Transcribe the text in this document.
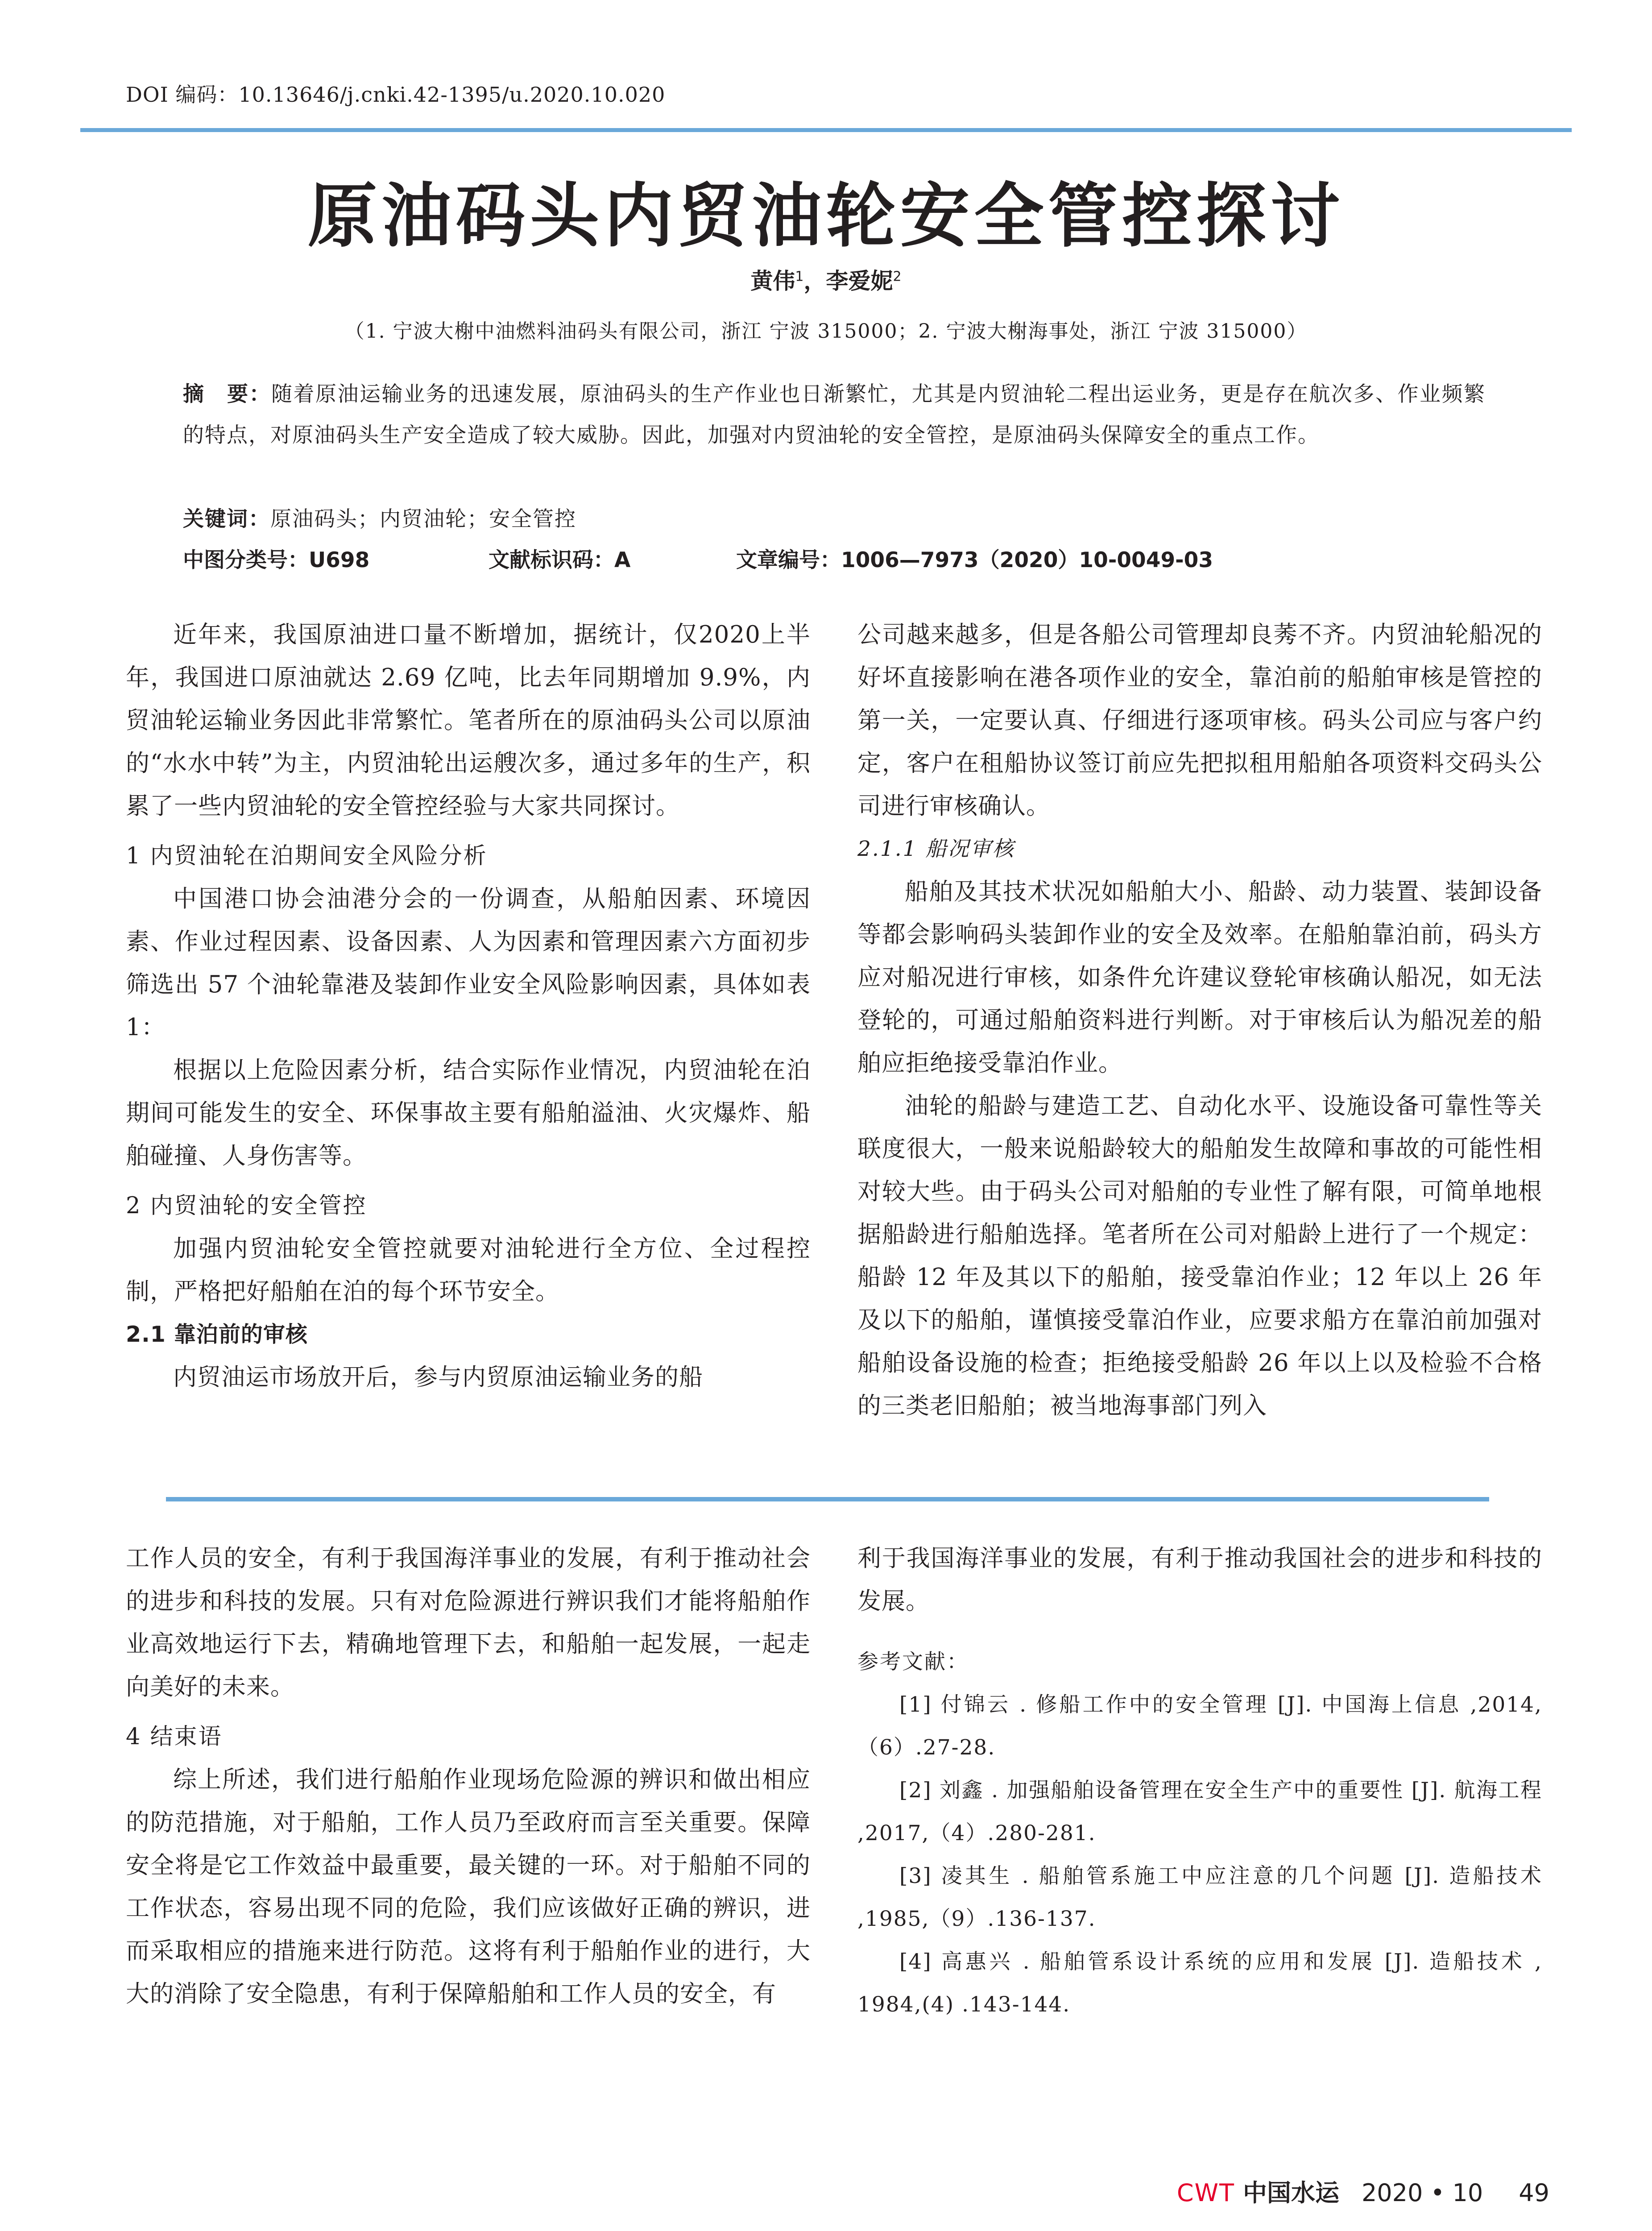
DOI 编码：10.13646/j.cnki.42-1395/u.2020.10.020
原油码头内贸油轮安全管控探讨
黄伟$^1$，李爱妮$^2$
（1. 宁波大榭中油燃料油码头有限公司，浙江 宁波 315000；2. 宁波大榭海事处，浙江 宁波 315000）
摘　要：随着原油运输业务的迅速发展，原油码头的生产作业也日渐繁忙，尤其是内贸油轮二程出运业务，更是存在航次多、作业频繁的特点，对原油码头生产安全造成了较大威胁。因此，加强对内贸油轮的安全管控，是原油码头保障安全的重点工作。
关键词：原油码头；内贸油轮；安全管控
中图分类号：U698	文献标识码：A	文章编号：1006—7973（2020）10-0049-03

近年来，我国原油进口量不断增加，据统计，仅2020上半年，我国进口原油就达 2.69 亿吨，比去年同期增加 9.9%，内贸油轮运输业务因此非常繁忙。笔者所在的原油码头公司以原油的“水水中转”为主，内贸油轮出运艘次多，通过多年的生产，积累了一些内贸油轮的安全管控经验与大家共同探讨。

1 内贸油轮在泊期间安全风险分析

中国港口协会油港分会的一份调查，从船舶因素、环境因素、作业过程因素、设备因素、人为因素和管理因素六方面初步筛选出 57 个油轮靠港及装卸作业安全风险影响因素，具体如表 1：

根据以上危险因素分析，结合实际作业情况，内贸油轮在泊期间可能发生的安全、环保事故主要有船舶溢油、火灾爆炸、船舶碰撞、人身伤害等。

2 内贸油轮的安全管控

加强内贸油轮安全管控就要对油轮进行全方位、全过程控制，严格把好船舶在泊的每个环节安全。

2.1 靠泊前的审核

内贸油运市场放开后，参与内贸原油运输业务的船

公司越来越多，但是各船公司管理却良莠不齐。内贸油轮船况的好坏直接影响在港各项作业的安全，靠泊前的船舶审核是管控的第一关，一定要认真、仔细进行逐项审核。码头公司应与客户约定，客户在租船协议签订前应先把拟租用船舶各项资料交码头公司进行审核确认。

2.1.1 船况审核

船舶及其技术状况如船舶大小、船龄、动力装置、装卸设备等都会影响码头装卸作业的安全及效率。在船舶靠泊前，码头方应对船况进行审核，如条件允许建议登轮审核确认船况，如无法登轮的，可通过船舶资料进行判断。对于审核后认为船况差的船舶应拒绝接受靠泊作业。

油轮的船龄与建造工艺、自动化水平、设施设备可靠性等关联度很大，一般来说船龄较大的船舶发生故障和事故的可能性相对较大些。由于码头公司对船舶的专业性了解有限，可简单地根据船龄进行船舶选择。笔者所在公司对船龄上进行了一个规定：船龄 12 年及其以下的船舶，接受靠泊作业；12 年以上 26 年及以下的船舶，谨慎接受靠泊作业，应要求船方在靠泊前加强对船舶设备设施的检查；拒绝接受船龄 26 年以上以及检验不合格的三类老旧船舶；被当地海事部门列入

工作人员的安全，有利于我国海洋事业的发展，有利于推动社会的进步和科技的发展。只有对危险源进行辨识我们才能将船舶作业高效地运行下去，精确地管理下去，和船舶一起发展，一起走向美好的未来。

4 结束语

综上所述，我们进行船舶作业现场危险源的辨识和做出相应的防范措施，对于船舶，工作人员乃至政府而言至关重要。保障安全将是它工作效益中最重要，最关键的一环。对于船舶不同的工作状态，容易出现不同的危险，我们应该做好正确的辨识，进而采取相应的措施来进行防范。这将有利于船舶作业的进行，大大的消除了安全隐患，有利于保障船舶和工作人员的安全，有

利于我国海洋事业的发展，有利于推动我国社会的进步和科技的发展。

参考文献：
[1] 付锦云 . 修船工作中的安全管理 [J]. 中国海上信息 ,2014,（6）.27-28.
[2] 刘鑫 . 加强船舶设备管理在安全生产中的重要性 [J]. 航海工程 ,2017,（4）.280-281.
[3] 凌其生 . 船舶管系施工中应注意的几个问题 [J]. 造船技术 ,1985,（9）.136-137.
[4] 高惠兴 . 船舶管系设计系统的应用和发展 [J]. 造船技术 , 1984,(4) .143-144.
CWT 中国水运 2020 • 10 49
